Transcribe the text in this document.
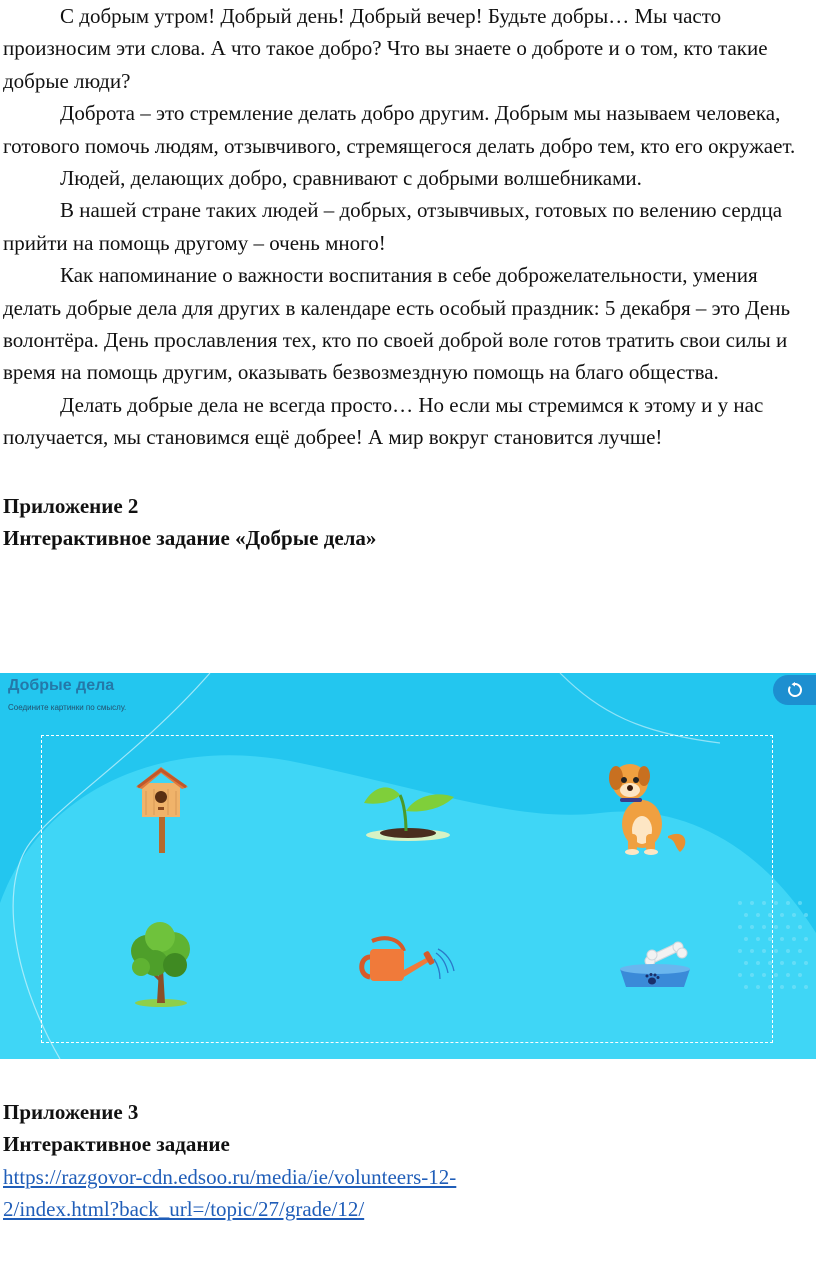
С добрым утром! Добрый день! Добрый вечер! Будьте добры… Мы часто произносим эти слова. А что такое добро? Что вы знаете о доброте и о том, кто такие добрые люди?

Доброта – это стремление делать добро другим. Добрым мы называем человека, готового помочь людям, отзывчивого, стремящегося делать добро тем, кто его окружает.

Людей, делающих добро, сравнивают с добрыми волшебниками.

В нашей стране таких людей – добрых, отзывчивых, готовых по велению сердца прийти на помощь другому – очень много!

Как напоминание о важности воспитания в себе доброжелательности, умения делать добрые дела для других в календаре есть особый праздник: 5 декабря – это День волонтёра. День прославления тех, кто по своей доброй воле готов тратить свои силы и время на помощь другим, оказывать безвозмездную помощь на благо общества.

Делать добрые дела не всегда просто… Но если мы стремимся к этому и у нас получается, мы становимся ещё добрее! А мир вокруг становится лучше!

Приложение 2

Интерактивное задание «Добрые дела»

Добрые дела
Соедините картинки по смыслу.

Приложение 3

Интерактивное задание

https://razgovor-cdn.edsoo.ru/media/ie/volunteers-12-

2/index.html?back_url=/topic/27/grade/12/
